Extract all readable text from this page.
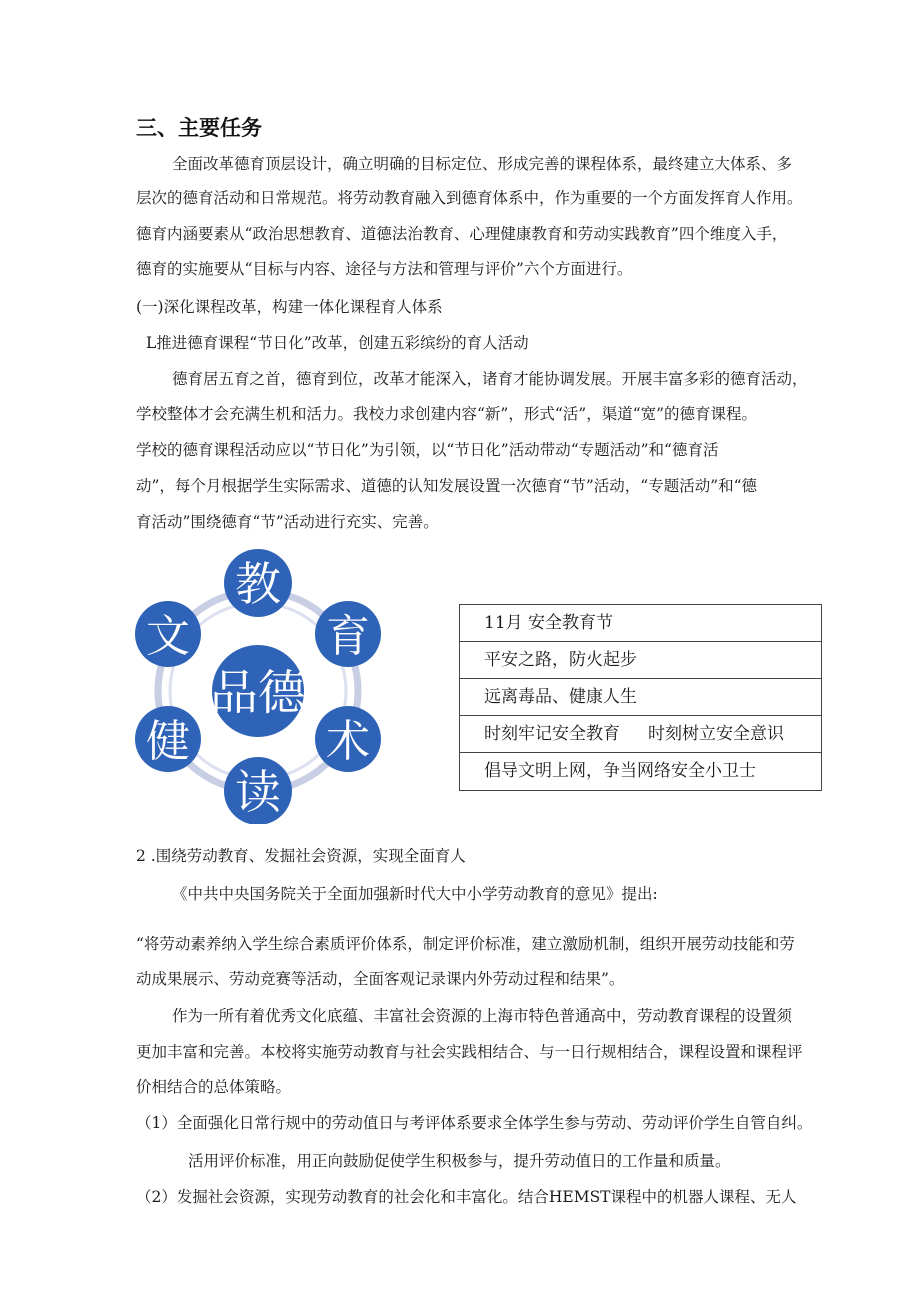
三、主要任务
全面改革德育顶层设计，确立明确的目标定位、形成完善的课程体系，最终建立大体系、多
层次的德育活动和日常规范。将劳动教育融入到德育体系中，作为重要的一个方面发挥育人作用。
德育内涵要素从“政治思想教育、道德法治教育、心理健康教育和劳动实践教育”四个维度入手，
德育的实施要从“目标与内容、途径与方法和管理与评价”六个方面进行。
(一)深化课程改革，构建一体化课程育人体系
L推进德育课程“节日化”改革，创建五彩缤纷的育人活动
德育居五育之首，德育到位，改革才能深入，诸育才能协调发展。开展丰富多彩的德育活动，
学校整体才会充满生机和活力。我校力求创建内容“新”，形式“活”，渠道“宽”的德育课程。
学校的德育课程活动应以“节日化”为引领，以“节日化”活动带动“专题活动”和“德育活
动”，每个月根据学生实际需求、道德的认知发展设置一次德育“节”活动，“专题活动”和“德
育活动”围绕德育“节”活动进行充实、完善。
品德
教
育
术
读
健
文	11月 安全教育节
平安之路，防火起步
远离毒品、健康人生
时刻牢记安全教育 时刻树立安全意识
倡导文明上网，争当网络安全小卫士
2 .围绕劳动教育、发掘社会资源，实现全面育人
《中共中央国务院关于全面加强新时代大中小学劳动教育的意见》提出:
“将劳动素养纳入学生综合素质评价体系，制定评价标准，建立激励机制，组织开展劳动技能和劳
动成果展示、劳动竞赛等活动，全面客观记录课内外劳动过程和结果”。
作为一所有着优秀文化底蕴、丰富社会资源的上海市特色普通高中，劳动教育课程的设置须
更加丰富和完善。本校将实施劳动教育与社会实践相结合、与一日行规相结合，课程设置和课程评
价相结合的总体策略。
（1）全面强化日常行规中的劳动值日与考评体系要求全体学生参与劳动、劳动评价学生自管自纠。
活用评价标准，用正向鼓励促使学生积极参与，提升劳动值日的工作量和质量。
（2）发掘社会资源，实现劳动教育的社会化和丰富化。结合HEMST课程中的机器人课程、无人
